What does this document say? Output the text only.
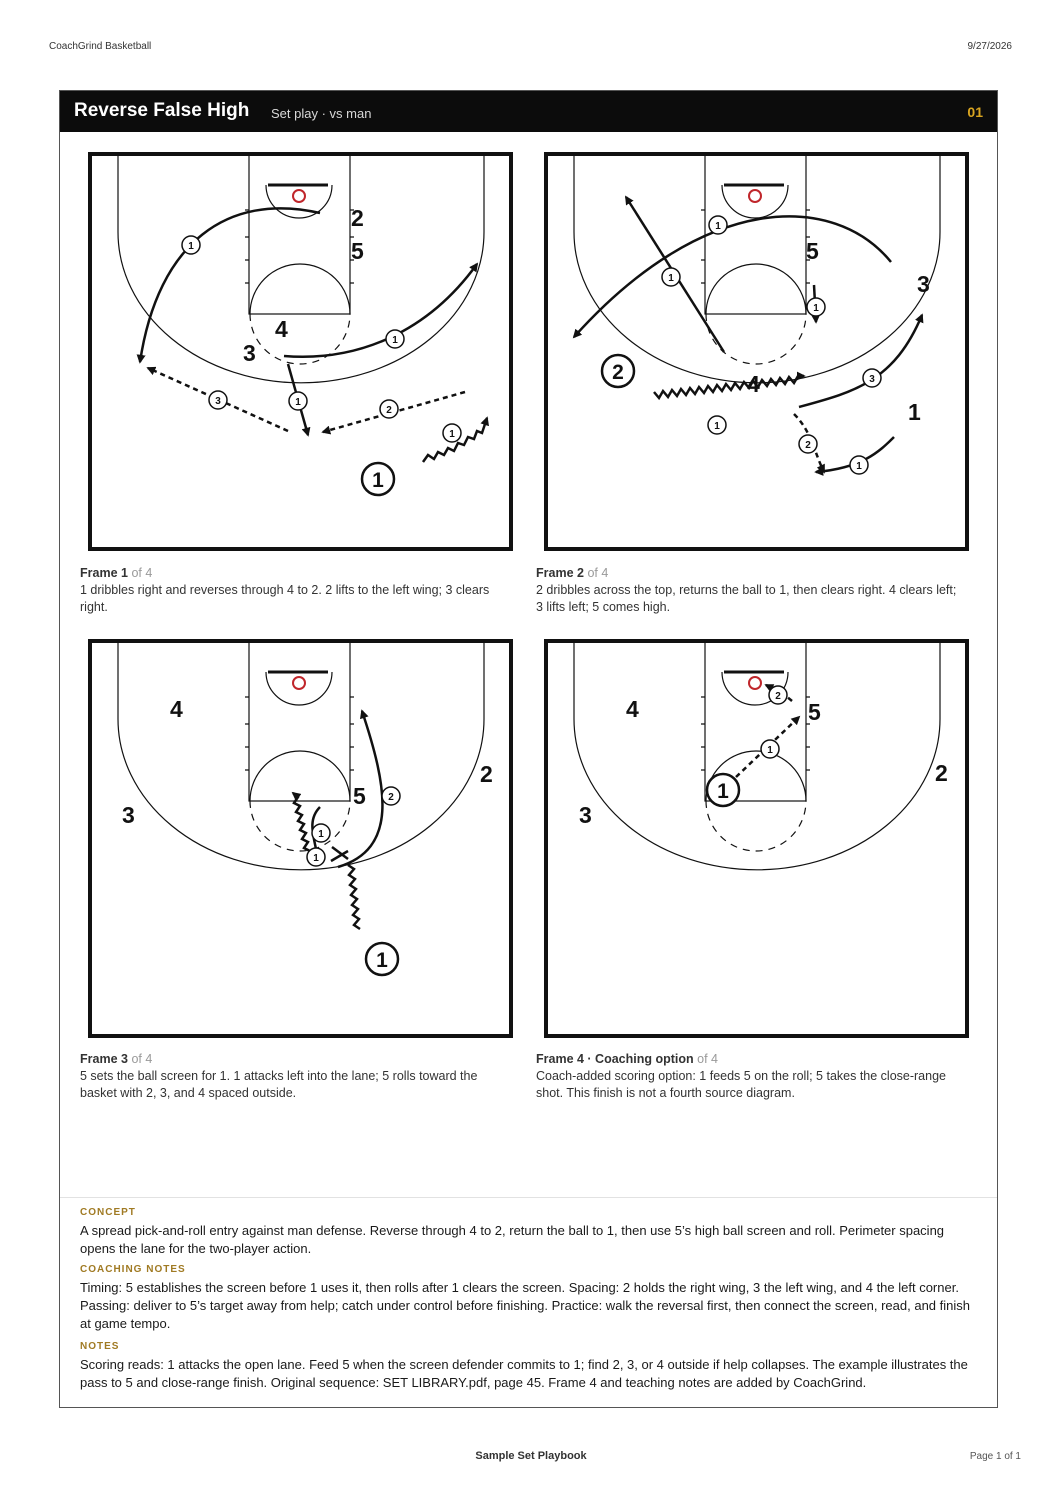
CoachGrind Basketball	9/27/2026
Reverse False High Set play · vs man	01
2
5
4
3
1
1
1
1
1
2
3
Frame 1 of 4
1 dribbles right and reverses through 4 to 2. 2 lifts to the left wing; 3 clears right.
5
3
4
1
2
1
1
1
1
1
2
3
Frame 2 of 4
2 dribbles across the top, returns the ball to 1, then clears right. 4 clears left; 3 lifts left; 5 comes high.
4
2
3
5
1
2
1
1
Frame 3 of 4
5 sets the ball screen for 1. 1 attacks left into the lane; 5 rolls toward the basket with 2, 3, and 4 spaced outside.
4	5
2
3
1
2
1
Frame 4 · Coaching option of 4
Coach-added scoring option: 1 feeds 5 on the roll; 5 takes the close-range shot. This finish is not a fourth source diagram.
CONCEPT
A spread pick-and-roll entry against man defense. Reverse through 4 to 2, return the ball to 1, then use 5’s high ball screen and roll. Perimeter spacing opens the lane for the two-player action.
COACHING NOTES
Timing: 5 establishes the screen before 1 uses it, then rolls after 1 clears the screen. Spacing: 2 holds the right wing, 3 the left wing, and 4 the left corner. Passing: deliver to 5’s target away from help; catch under control before finishing. Practice: walk the reversal first, then connect the screen, read, and finish at game tempo.
NOTES
Scoring reads: 1 attacks the open lane. Feed 5 when the screen defender commits to 1; find 2, 3, or 4 outside if help collapses. The example illustrates the pass to 5 and close-range finish. Original sequence: SET LIBRARY.pdf, page 45. Frame 4 and teaching notes are added by CoachGrind.
Sample Set Playbook	Page 1 of 1
